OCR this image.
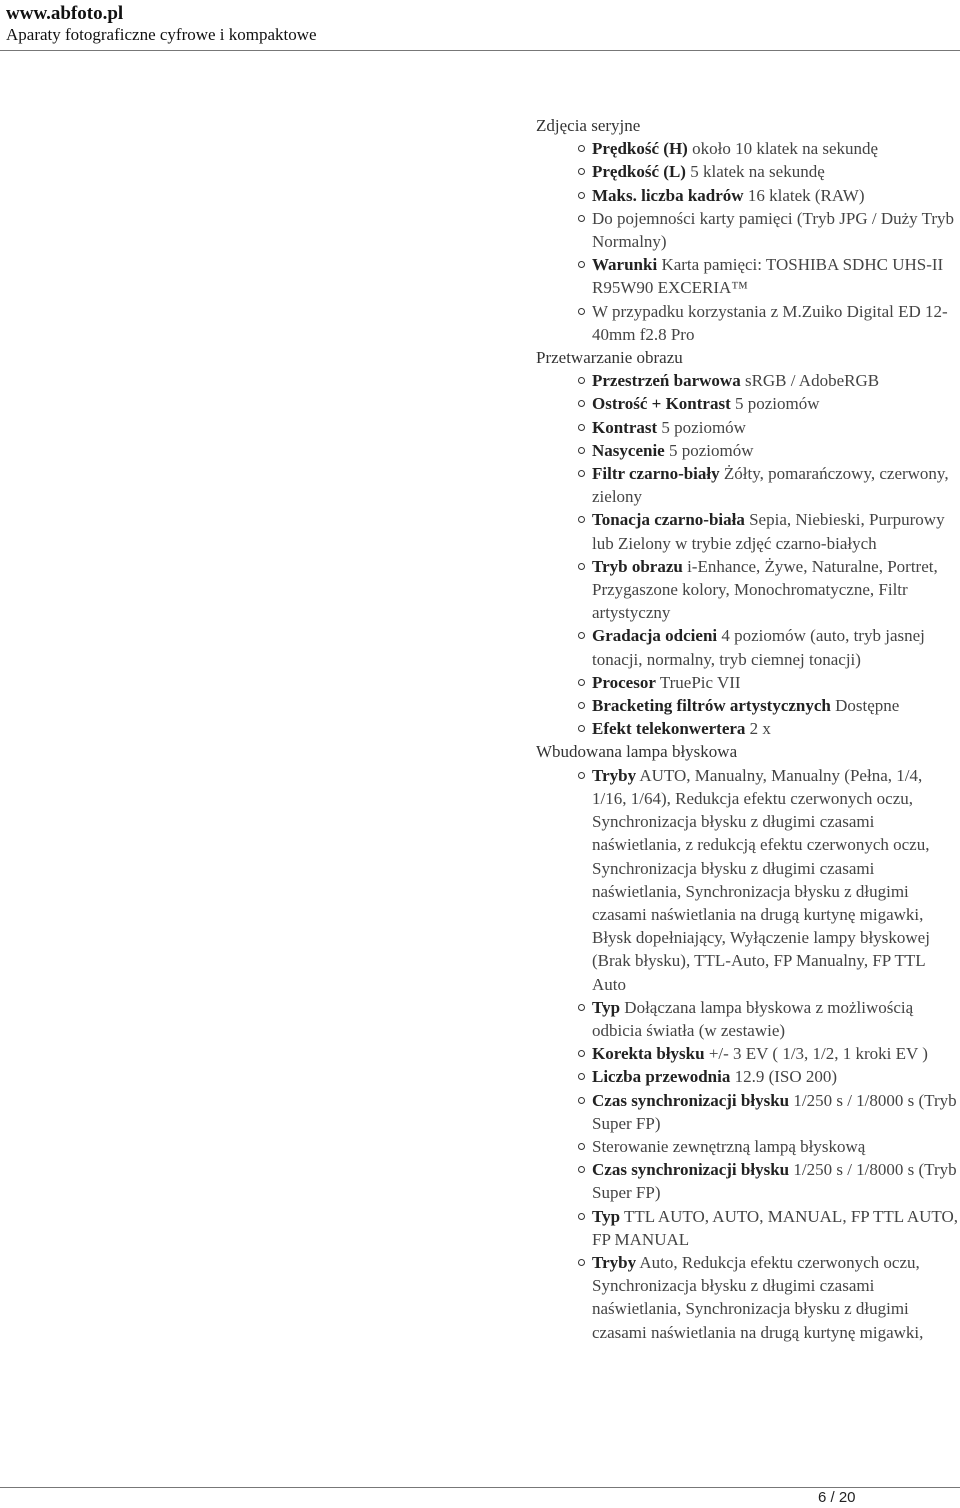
www.abfoto.pl
Aparaty fotograficzne cyfrowe i kompaktowe
Zdjęcia seryjne
Prędkość (H) około 10 klatek na sekundę
Prędkość (L) 5 klatek na sekundę
Maks. liczba kadrów 16 klatek (RAW)
Do pojemności karty pamięci (Tryb JPG / Duży Tryb Normalny)
Warunki Karta pamięci: TOSHIBA SDHC UHS-II R95W90 EXCERIA™
W przypadku korzystania z M.Zuiko Digital ED 12-40mm f2.8 Pro
Przetwarzanie obrazu
Przestrzeń barwowa sRGB / AdobeRGB
Ostrość + Kontrast 5 poziomów
Kontrast 5 poziomów
Nasycenie 5 poziomów
Filtr czarno-biały Żółty, pomarańczowy, czerwony, zielony
Tonacja czarno-biała Sepia, Niebieski, Purpurowy lub Zielony w trybie zdjęć czarno-białych
Tryb obrazu i-Enhance, Żywe, Naturalne, Portret, Przygaszone kolory, Monochromatyczne, Filtr artystyczny
Gradacja odcieni 4 poziomów (auto, tryb jasnej tonacji, normalny, tryb ciemnej tonacji)
Procesor TruePic VII
Bracketing filtrów artystycznych Dostępne
Efekt telekonwertera 2 x
Wbudowana lampa błyskowa
Tryby AUTO, Manualny, Manualny (Pełna, 1/4, 1/16, 1/64), Redukcja efektu czerwonych oczu, Synchronizacja błysku z długimi czasami naświetlania, z redukcją efektu czerwonych oczu, Synchronizacja błysku z długimi czasami naświetlania, Synchronizacja błysku z długimi czasami naświetlania na drugą kurtynę migawki, Błysk dopełniający, Wyłączenie lampy błyskowej (Brak błysku), TTL-Auto, FP Manualny, FP TTL Auto
Typ Dołączana lampa błyskowa z możliwością odbicia światła (w zestawie)
Korekta błysku +/- 3 EV ( 1/3, 1/2, 1 kroki EV )
Liczba przewodnia 12.9 (ISO 200)
Czas synchronizacji błysku 1/250 s / 1/8000 s (Tryb Super FP)
Sterowanie zewnętrzną lampą błyskową
Czas synchronizacji błysku 1/250 s / 1/8000 s (Tryb Super FP)
Typ TTL AUTO, AUTO, MANUAL, FP TTL AUTO, FP MANUAL
Tryby Auto, Redukcja efektu czerwonych oczu, Synchronizacja błysku z długimi czasami naświetlania, Synchronizacja błysku z długimi czasami naświetlania na drugą kurtynę migawki,
6 / 20
